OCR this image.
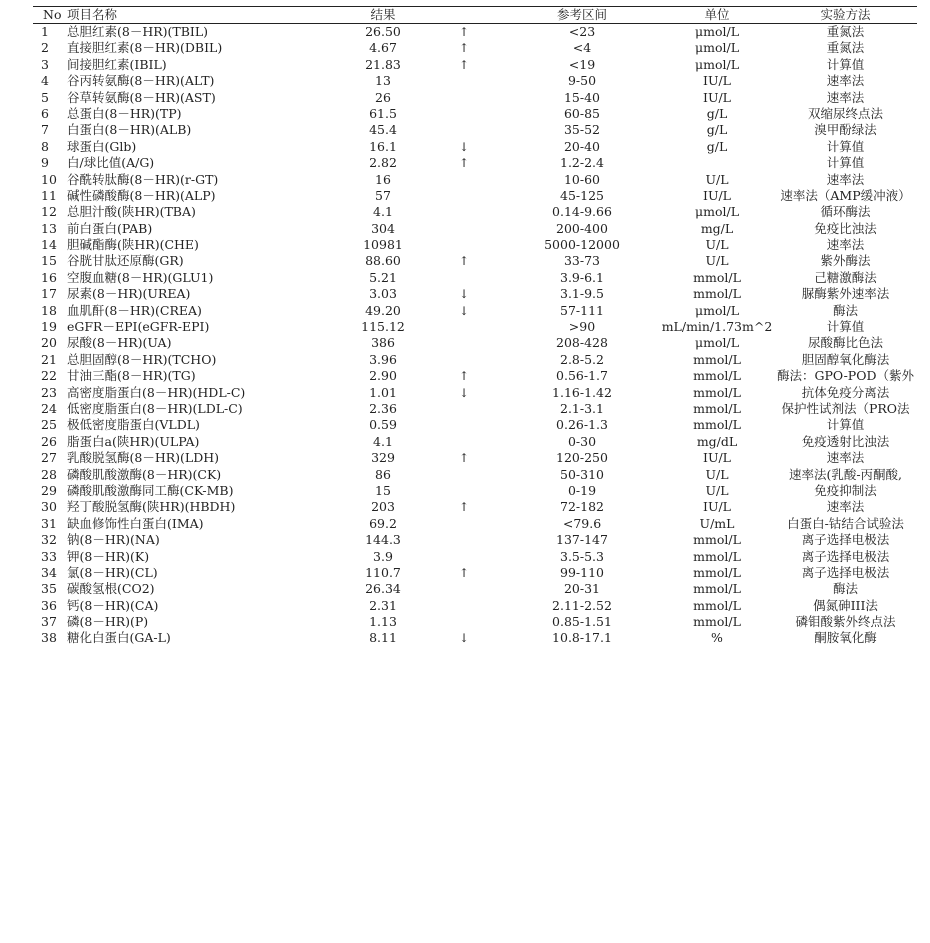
No 项目名称	结果	参考区间	单位	实验方法
1	总胆红素(8－HR)(TBIL)	26.50	↑	<23	μmol/L	重氮法
2	直接胆红素(8－HR)(DBIL)	4.67	↑	<4	μmol/L	重氮法
3	间接胆红素(IBIL)	21.83	↑	<19	μmol/L	计算值
4	谷丙转氨酶(8－HR)(ALT)	13	9-50	IU/L	速率法
5	谷草转氨酶(8－HR)(AST)	26	15-40	IU/L	速率法
6	总蛋白(8－HR)(TP)	61.5	60-85	g/L	双缩尿终点法
7	白蛋白(8－HR)(ALB)	45.4	35-52	g/L	溴甲酚绿法
8	球蛋白(Glb)	16.1	↓	20-40	g/L	计算值
9	白/球比值(A/G)	2.82	↑	1.2-2.4	计算值
10 谷酰转肽酶(8－HR)(r-GT)	16	10-60	U/L	速率法
11 碱性磷酸酶(8－HR)(ALP)	57	45-125	IU/L	速率法（AMP缓冲液）
12 总胆汁酸(陕HR)(TBA)	4.1	0.14-9.66	μmol/L	循环酶法
13 前白蛋白(PAB)	304	200-400	mg/L	免疫比浊法
14 胆碱酯酶(陕HR)(CHE)	10981	5000-12000	U/L	速率法
15 谷胱甘肽还原酶(GR)	88.60	↑	33-73	U/L	紫外酶法
16 空腹血糖(8－HR)(GLU1)	5.21	3.9-6.1	mmol/L	己糖激酶法
17 尿素(8－HR)(UREA)	3.03	↓	3.1-9.5	mmol/L	脲酶紫外速率法
18 血肌酐(8－HR)(CREA)	49.20	↓	57-111	μmol/L	酶法
19 eGFR－EPI(eGFR-EPI)	115.12	>90	mL/min/1.73m^2	计算值
20 尿酸(8－HR)(UA)	386	208-428	μmol/L	尿酸酶比色法
21 总胆固醇(8－HR)(TCHO)	3.96	2.8-5.2	mmol/L	胆固醇氧化酶法
22 甘油三酯(8－HR)(TG)	2.90	↑	0.56-1.7	mmol/L	酶法：GPO-POD（紫外
23 高密度脂蛋白(8－HR)(HDL-C)	1.01	↓	1.16-1.42	mmol/L	抗体免疫分离法
24 低密度脂蛋白(8－HR)(LDL-C)	2.36	2.1-3.1	mmol/L	保护性试剂法（PRO法
25 极低密度脂蛋白(VLDL)	0.59	0.26-1.3	mmol/L	计算值
26 脂蛋白a(陕HR)(ULPA)	4.1	0-30	mg/dL	免疫透射比浊法
27 乳酸脱氢酶(8－HR)(LDH)	329	↑	120-250	IU/L	速率法
28 磷酸肌酸激酶(8－HR)(CK)	86	50-310	U/L	速率法(乳酸-丙酮酸,
29 磷酸肌酸激酶同工酶(CK-MB)	15	0-19	U/L	免疫抑制法
30 羟丁酸脱氢酶(陕HR)(HBDH)	203	↑	72-182	IU/L	速率法
31 缺血修饰性白蛋白(IMA)	69.2	<79.6	U/mL	白蛋白-钴结合试验法
32 钠(8－HR)(NA)	144.3	137-147	mmol/L	离子选择电极法
33 钾(8－HR)(K)	3.9	3.5-5.3	mmol/L	离子选择电极法
34 氯(8－HR)(CL)	110.7	↑	99-110	mmol/L	离子选择电极法
35 碳酸氢根(CO2)	26.34	20-31	mmol/L	酶法
36 钙(8－HR)(CA)	2.31	2.11-2.52	mmol/L	偶氮砷III法
37 磷(8－HR)(P)	1.13	0.85-1.51	mmol/L	磷钼酸紫外终点法
38 糖化白蛋白(GA-L)	8.11	↓	10.8-17.1	%	酮胺氧化酶
